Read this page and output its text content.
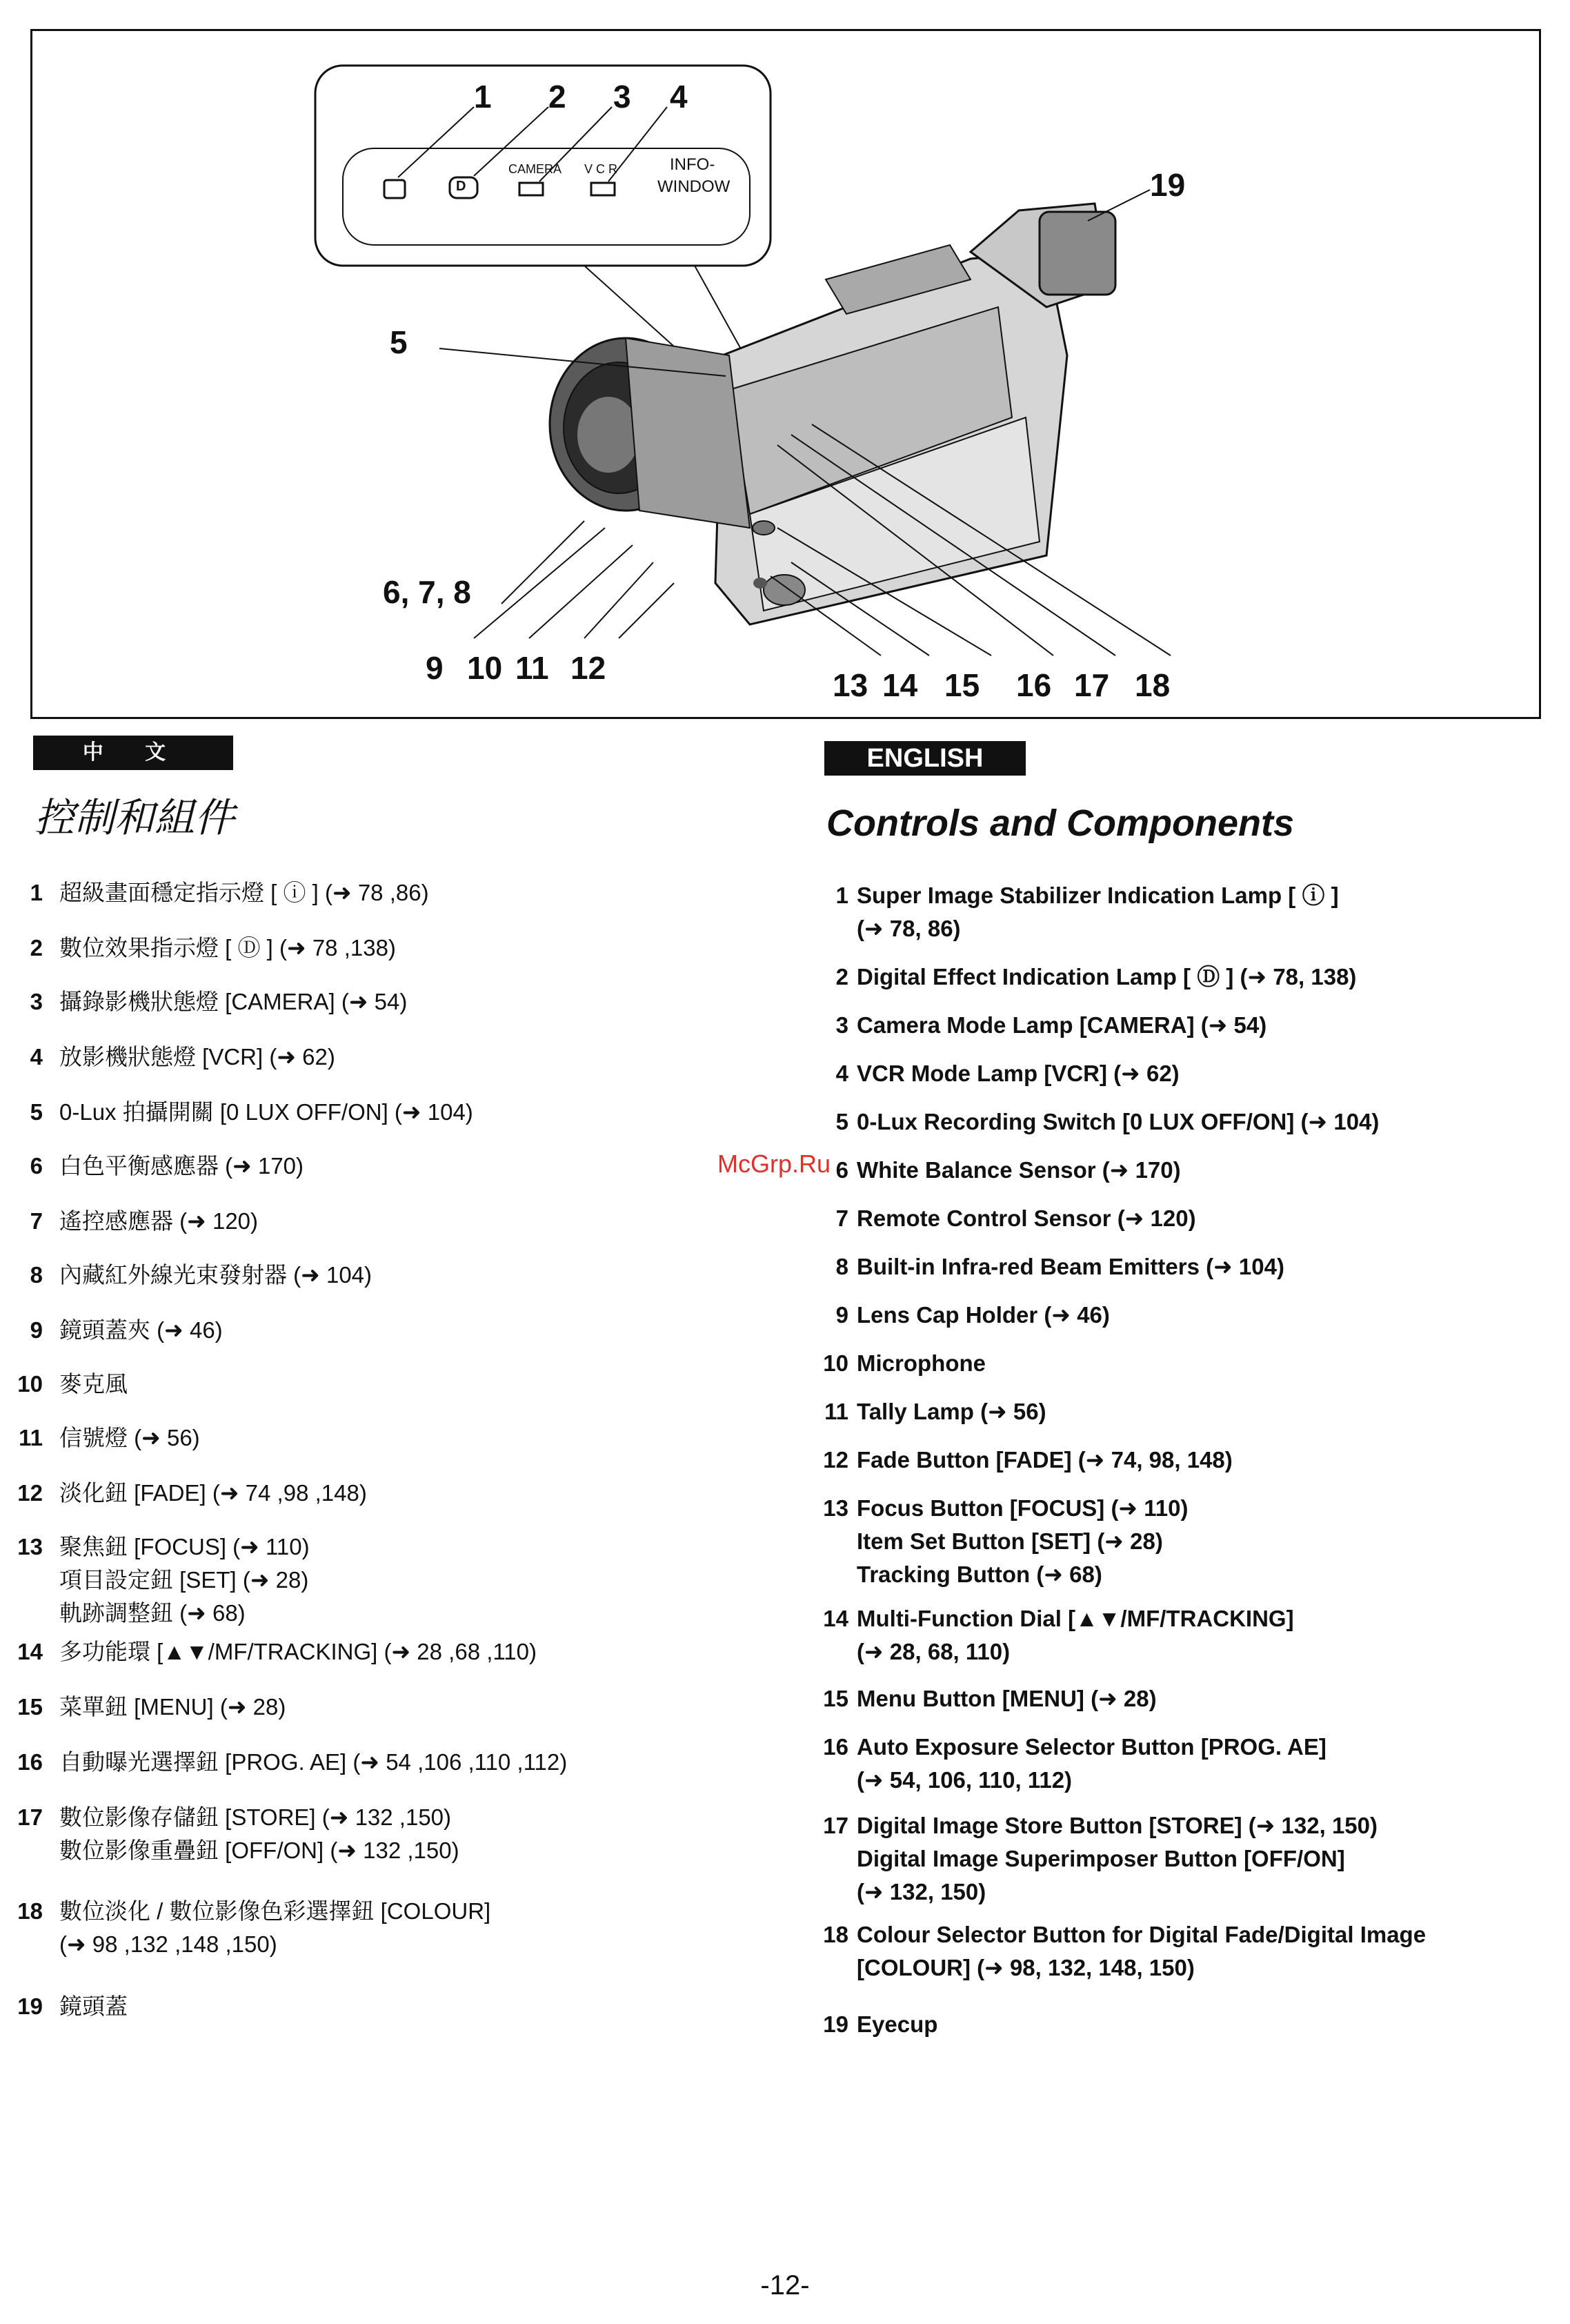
1 2 3 4
5
6, 7, 8
9 10 11 12	13 14 15 16 17 18
19
D
CAMERA V C R	INFO-
WINDOW
中 文
控制和組件
1 超級畫面穩定指示燈 [ ⓘ ] (➜ 78 ,86)
2 數位效果指示燈 [ Ⓓ ] (➜ 78 ,138)
3 攝錄影機狀態燈 [CAMERA] (➜ 54)
4 放影機狀態燈 [VCR] (➜ 62)
5 0-Lux 拍攝開關 [0 LUX OFF/ON] (➜ 104)
6 白色平衡感應器 (➜ 170)
7 遙控感應器 (➜ 120)
8 內藏紅外線光束發射器 (➜ 104)
9 鏡頭蓋夾 (➜ 46)
10 麥克風
11 信號燈 (➜ 56)
12 淡化鈕 [FADE] (➜ 74 ,98 ,148)
13 聚焦鈕 [FOCUS] (➜ 110)
項目設定鈕 [SET] (➜ 28)
軌跡調整鈕 (➜ 68)
14 多功能環 [▲▼/MF/TRACKING] (➜ 28 ,68 ,110)
15 菜單鈕 [MENU] (➜ 28)
16 自動曝光選擇鈕 [PROG. AE] (➜ 54 ,106 ,110 ,112)
17 數位影像存儲鈕 [STORE] (➜ 132 ,150)
數位影像重疊鈕 [OFF/ON] (➜ 132 ,150)
18 數位淡化 / 數位影像色彩選擇鈕 [COLOUR]
(➜ 98 ,132 ,148 ,150)
19 鏡頭蓋
ENGLISH
Controls and Components
1 Super Image Stabilizer Indication Lamp [ ⓘ ]
(➜ 78, 86)
2 Digital Effect Indication Lamp [ Ⓓ ] (➜ 78, 138)
3 Camera Mode Lamp [CAMERA] (➜ 54)
4 VCR Mode Lamp [VCR] (➜ 62)
5 0-Lux Recording Switch [0 LUX OFF/ON] (➜ 104)
6 White Balance Sensor (➜ 170)
7 Remote Control Sensor (➜ 120)
8 Built-in Infra-red Beam Emitters (➜ 104)
9 Lens Cap Holder (➜ 46)
10 Microphone
11 Tally Lamp (➜ 56)
12 Fade Button [FADE] (➜ 74, 98, 148)
13 Focus Button [FOCUS] (➜ 110)
Item Set Button [SET] (➜ 28)
Tracking Button (➜ 68)
14 Multi-Function Dial [▲▼/MF/TRACKING]
(➜ 28, 68, 110)
15 Menu Button [MENU] (➜ 28)
16 Auto Exposure Selector Button [PROG. AE]
(➜ 54, 106, 110, 112)
17 Digital Image Store Button [STORE] (➜ 132, 150)
Digital Image Superimposer Button [OFF/ON]
(➜ 132, 150)
18 Colour Selector Button for Digital Fade/Digital Image
[COLOUR] (➜ 98, 132, 148, 150)
19 Eyecup
McGrp.Ru
-12-
